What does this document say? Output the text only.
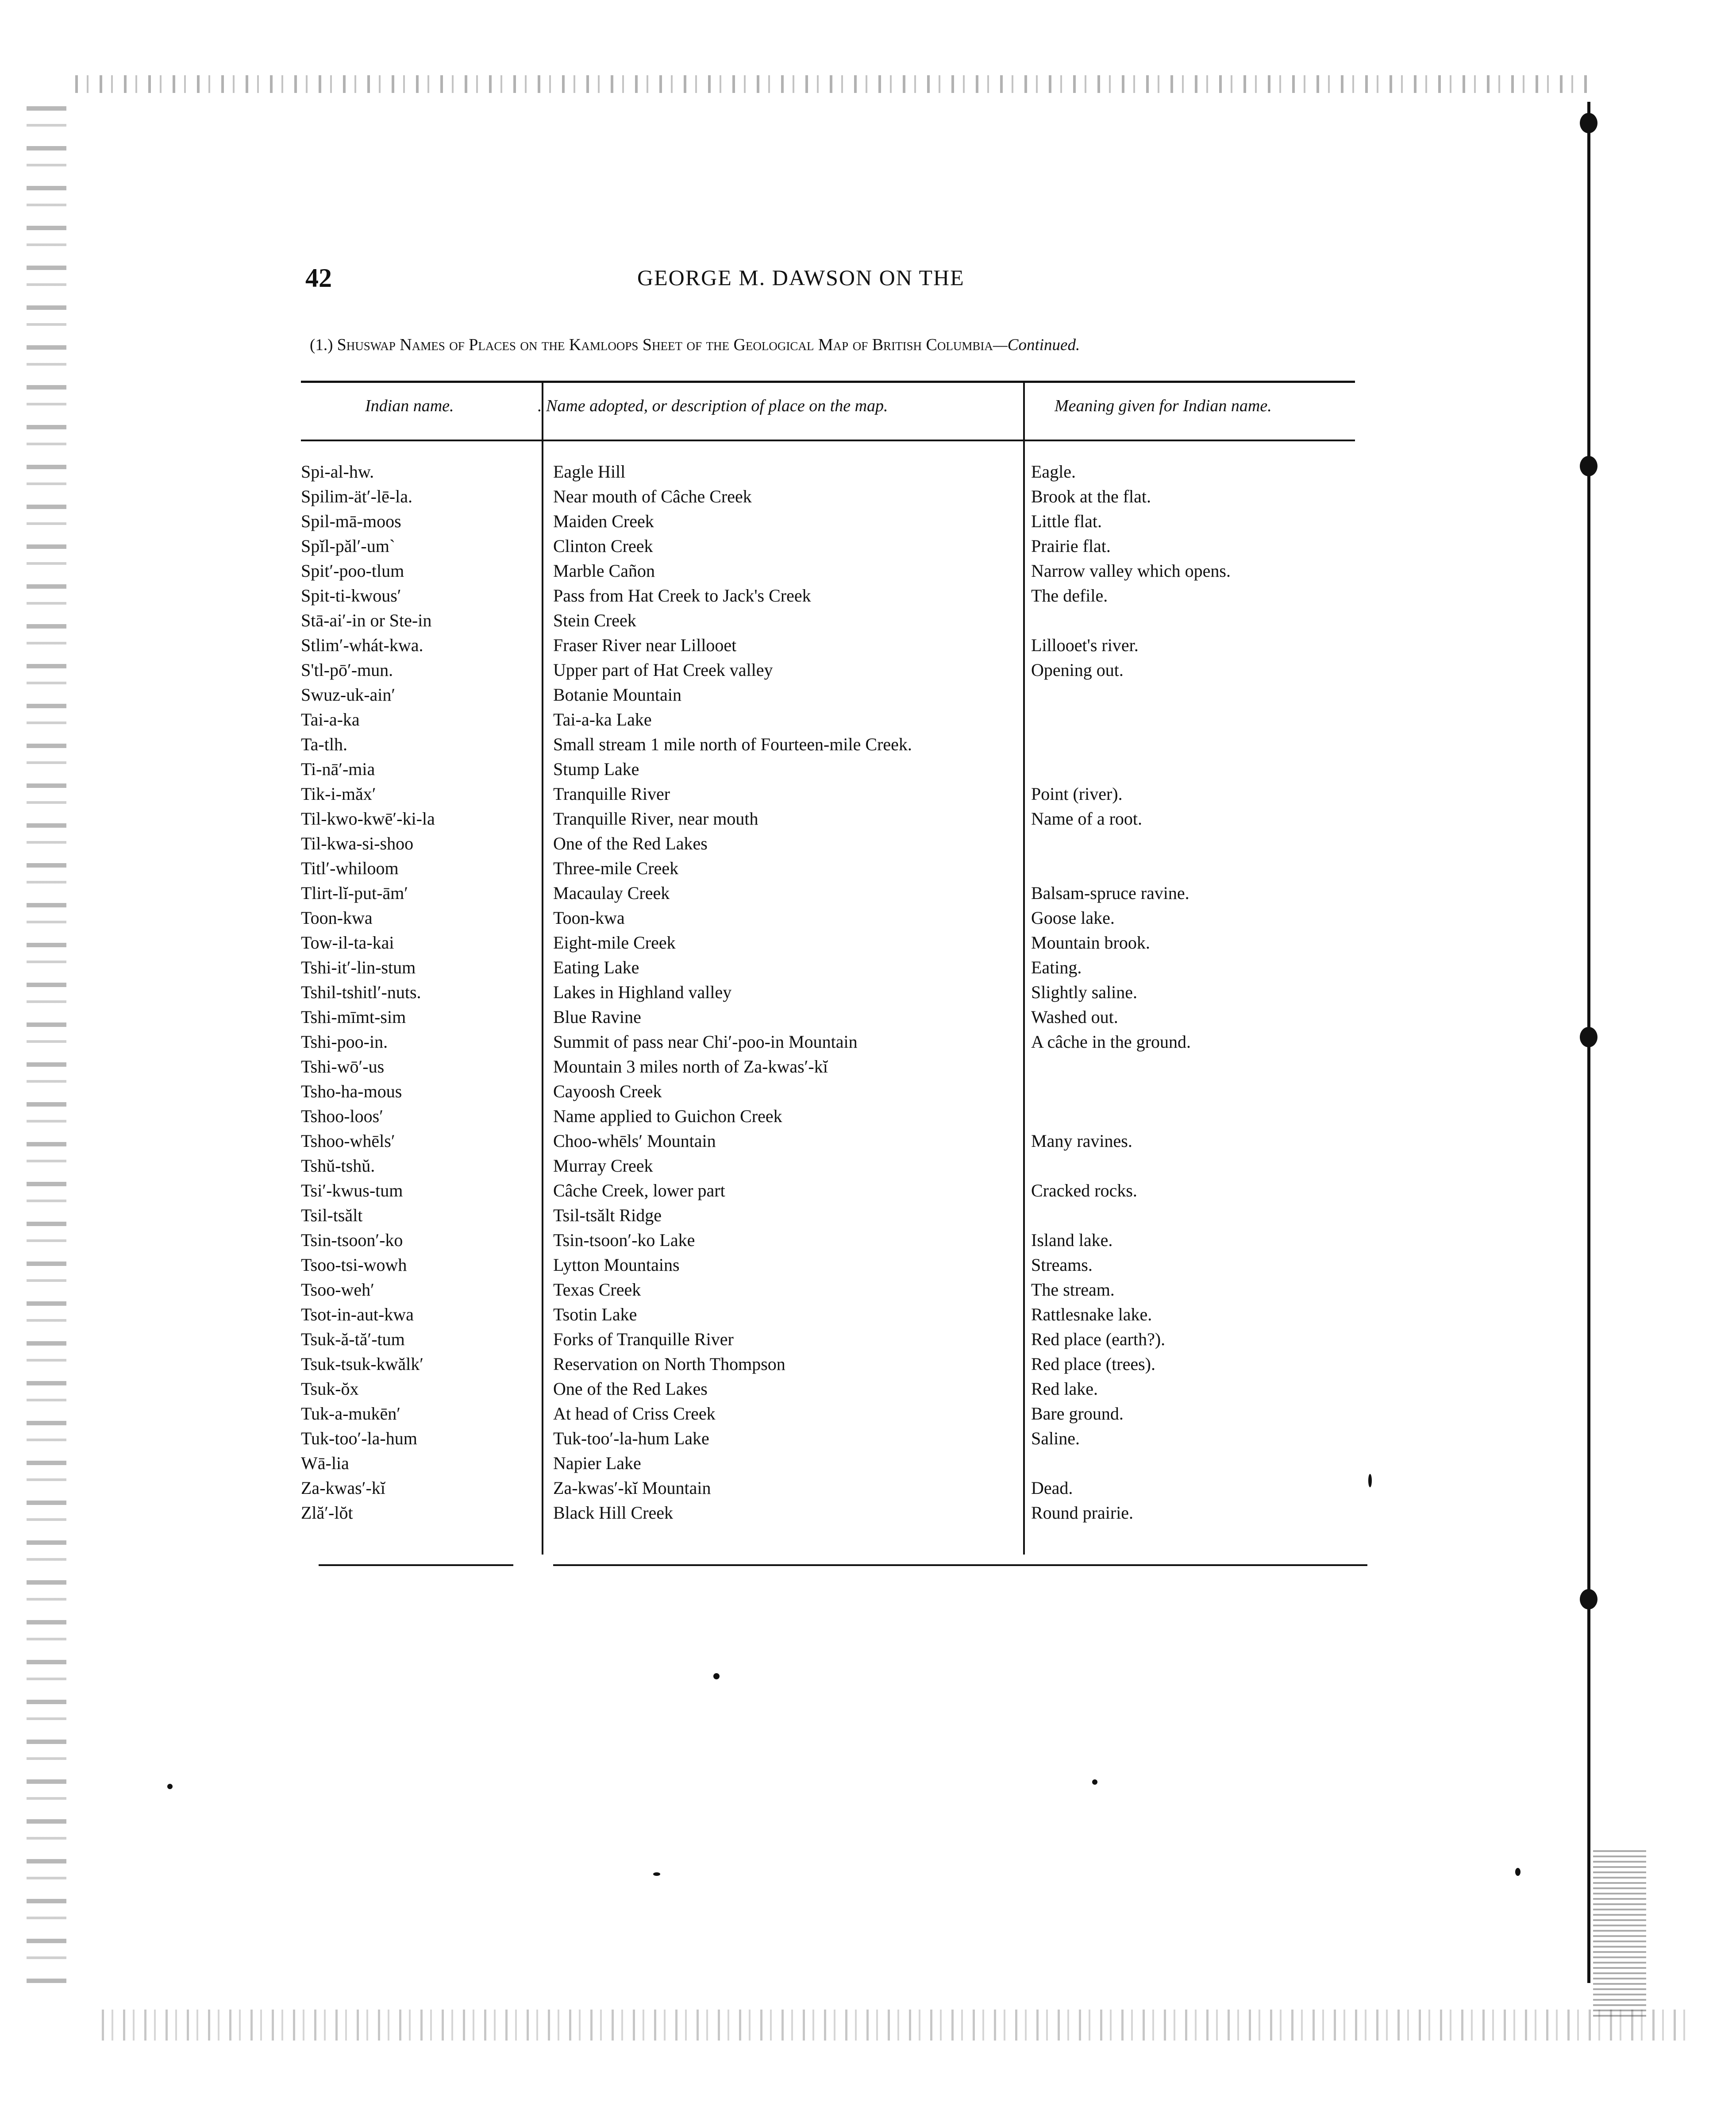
42	GEORGE M. DAWSON ON THE
(1.) Shuswap Names of Places on the Kamloops Sheet of the Geological Map of British Columbia—Continued.
Indian name.	. Name adopted, or description of place on the map.	Meaning given for Indian name.
Spi-al-hw.	Eagle Hill	Eagle.
Spilim-ät′-lē-la.	Near mouth of Câche Creek	Brook at the flat.
Spil-mā-moos	Maiden Creek	Little flat.
Spĭl-păl′-um`	Clinton Creek	Prairie flat.
Spit′-poo-tlum	Marble Cañon	Narrow valley which opens.
Spit-ti-kwous′	Pass from Hat Creek to Jack's Creek	The defile.
Stā-ai′-in or Ste-in	Stein Creek
Stlim′-whát-kwa.	Fraser River near Lillooet	Lillooet's river.
S'tl-pō′-mun.	Upper part of Hat Creek valley	Opening out.
Swuz-uk-ain′	Botanie Mountain
Tai-a-ka	Tai-a-ka Lake
Ta-tlh.	Small stream 1 mile north of Fourteen-mile Creek.
Ti-nā′-mia	Stump Lake
Tik-i-măx′	Tranquille River	Point (river).
Til-kwo-kwē′-ki-la	Tranquille River, near mouth	Name of a root.
Til-kwa-si-shoo	One of the Red Lakes
Titl′-whiloom	Three-mile Creek
Tlirt-lĭ-put-ām′	Macaulay Creek	Balsam-spruce ravine.
Toon-kwa	Toon-kwa	Goose lake.
Tow-il-ta-kai	Eight-mile Creek	Mountain brook.
Tshi-it′-lin-stum	Eating Lake	Eating.
Tshil-tshitl′-nuts.	Lakes in Highland valley	Slightly saline.
Tshi-mīmt-sim	Blue Ravine	Washed out.
Tshi-poo-in.	Summit of pass near Chi′-poo-in Mountain	A câche in the ground.
Tshi-wō′-us	Mountain 3 miles north of Za-kwas′-kĭ
Tsho-ha-mous	Cayoosh Creek
Tshoo-loos′	Name applied to Guichon Creek
Tshoo-whēls′	Choo-whēls′ Mountain	Many ravines.
Tshŭ-tshŭ.	Murray Creek
Tsi′-kwus-tum	Câche Creek, lower part	Cracked rocks.
Tsil-tsălt	Tsil-tsălt Ridge
Tsin-tsoon′-ko	Tsin-tsoon′-ko Lake	Island lake.
Tsoo-tsi-wowh	Lytton Mountains	Streams.
Tsoo-weh′	Texas Creek	The stream.
Tsot-in-aut-kwa	Tsotin Lake	Rattlesnake lake.
Tsuk-ă-tă′-tum	Forks of Tranquille River	Red place (earth?).
Tsuk-tsuk-kwălk′	Reservation on North Thompson	Red place (trees).
Tsuk-ŏx	One of the Red Lakes	Red lake.
Tuk-a-mukēn′	At head of Criss Creek	Bare ground.
Tuk-too′-la-hum	Tuk-too′-la-hum Lake	Saline.
Wā-lia	Napier Lake
Za-kwas′-kĭ	Za-kwas′-kĭ Mountain	Dead.
Zlă′-lŏt	Black Hill Creek	Round prairie.
